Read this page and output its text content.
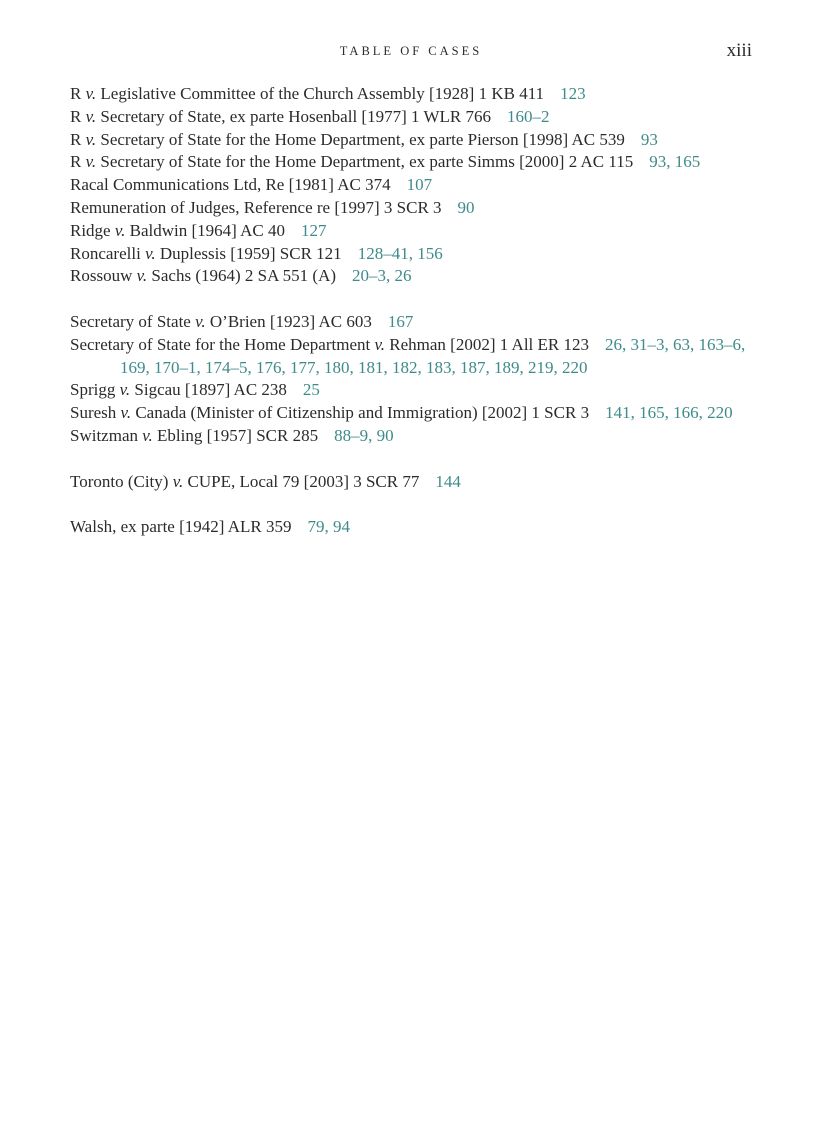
TABLE OF CASES	xiii
R v. Legislative Committee of the Church Assembly [1928] 1 KB 411 123
R v. Secretary of State, ex parte Hosenball [1977] 1 WLR 766 160–2
R v. Secretary of State for the Home Department, ex parte Pierson [1998] AC 539 93
R v. Secretary of State for the Home Department, ex parte Simms [2000] 2 AC 115 93, 165
Racal Communications Ltd, Re [1981] AC 374 107
Remuneration of Judges, Reference re [1997] 3 SCR 3 90
Ridge v. Baldwin [1964] AC 40 127
Roncarelli v. Duplessis [1959] SCR 121 128–41, 156
Rossouw v. Sachs (1964) 2 SA 551 (A) 20–3, 26
Secretary of State v. O’Brien [1923] AC 603 167
Secretary of State for the Home Department v. Rehman [2002] 1 All ER 123 26, 31–3, 63, 163–6, 169, 170–1, 174–5, 176, 177, 180, 181, 182, 183, 187, 189, 219, 220
Sprigg v. Sigcau [1897] AC 238 25
Suresh v. Canada (Minister of Citizenship and Immigration) [2002] 1 SCR 3 141, 165, 166, 220
Switzman v. Ebling [1957] SCR 285 88–9, 90
Toronto (City) v. CUPE, Local 79 [2003] 3 SCR 77 144
Walsh, ex parte [1942] ALR 359 79, 94
